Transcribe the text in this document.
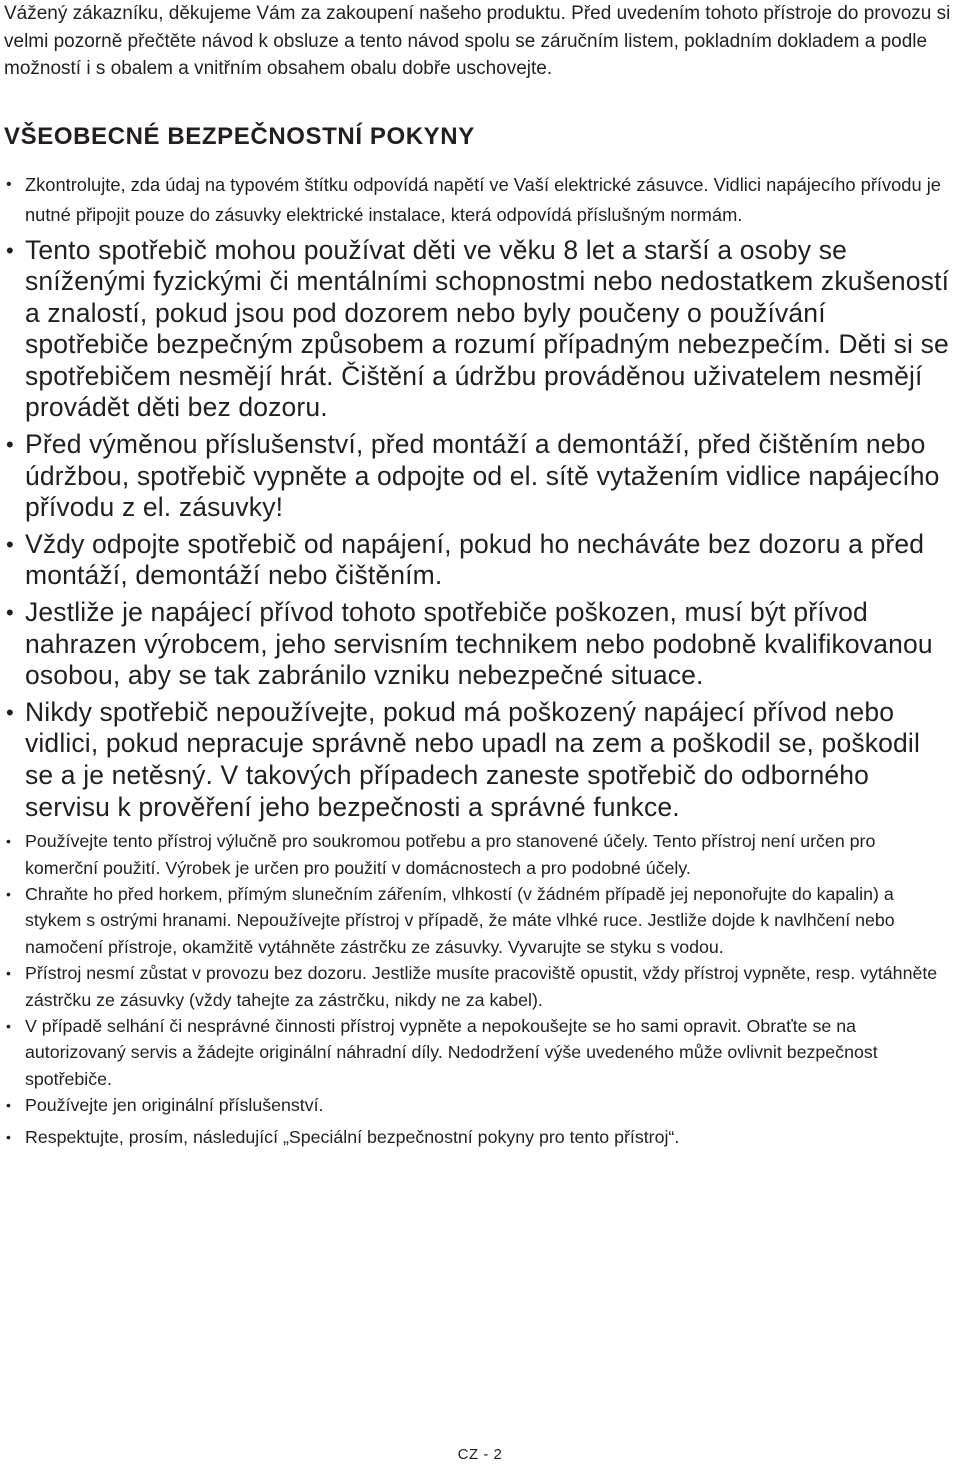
Vážený zákazníku, děkujeme Vám za zakoupení našeho produktu. Před uvedením tohoto přístroje do provozu si velmi pozorně přečtěte návod k obsluze a tento návod spolu se záručním listem, pokladním dokladem a podle možností i s obalem a vnitřním obsahem obalu dobře uschovejte.

VŠEOBECNÉ BEZPEČNOSTNÍ POKYNY
• Zkontrolujte, zda údaj na typovém štítku odpovídá napětí ve Vaší elektrické zásuvce. Vidlici napájecího přívodu je nutné připojit pouze do zásuvky elektrické instalace, která odpovídá příslušným normám.
• Tento spotřebič mohou používat děti ve věku 8 let a starší a osoby se sníženými fyzickými či mentálními schopnostmi nebo nedostatkem zkušeností a znalostí, pokud jsou pod dozorem nebo byly poučeny o používání spotřebiče bezpečným způsobem a rozumí případným nebezpečím. Děti si se spotřebičem nesmějí hrát. Čištění a údržbu prováděnou uživatelem nesmějí provádět děti bez dozoru.
• Před výměnou příslušenství, před montáží a demontáží, před čištěním nebo údržbou, spotřebič vypněte a odpojte od el. sítě vytažením vidlice napájecího přívodu z el. zásuvky!
• Vždy odpojte spotřebič od napájení, pokud ho necháváte bez dozoru a před montáží, demontáží nebo čištěním.
• Jestliže je napájecí přívod tohoto spotřebiče poškozen, musí být přívod nahrazen výrobcem, jeho servisním technikem nebo podobně kvalifikovanou osobou, aby se tak zabránilo vzniku nebezpečné situace.
• Nikdy spotřebič nepoužívejte, pokud má poškozený napájecí přívod nebo vidlici, pokud nepracuje správně nebo upadl na zem a poškodil se, poškodil se a je netěsný. V takových případech zaneste spotřebič do odborného servisu k prověření jeho bezpečnosti a správné funkce.
• Používejte tento přístroj výlučně pro soukromou potřebu a pro stanovené účely. Tento přístroj není určen pro komerční použití. Výrobek je určen pro použití v domácnostech a pro podobné účely.
• Chraňte ho před horkem, přímým slunečním zářením, vlhkostí (v žádném případě jej neponořujte do kapalin) a stykem s ostrými hranami. Nepoužívejte přístroj v případě, že máte vlhké ruce. Jestliže dojde k navlhčení nebo namočení přístroje, okamžitě vytáhněte zástrčku ze zásuvky. Vyvarujte se styku s vodou.
• Přístroj nesmí zůstat v provozu bez dozoru. Jestliže musíte pracoviště opustit, vždy přístroj vypněte, resp. vytáhněte zástrčku ze zásuvky (vždy tahejte za zástrčku, nikdy ne za kabel).
• V případě selhání či nesprávné činnosti přístroj vypněte a nepokoušejte se ho sami opravit. Obraťte se na autorizovaný servis a žádejte originální náhradní díly. Nedodržení výše uvedeného může ovlivnit bezpečnost spotřebiče.
• Používejte jen originální příslušenství.
• Respektujte, prosím, následující „Speciální bezpečnostní pokyny pro tento přístroj“.
CZ - 2
